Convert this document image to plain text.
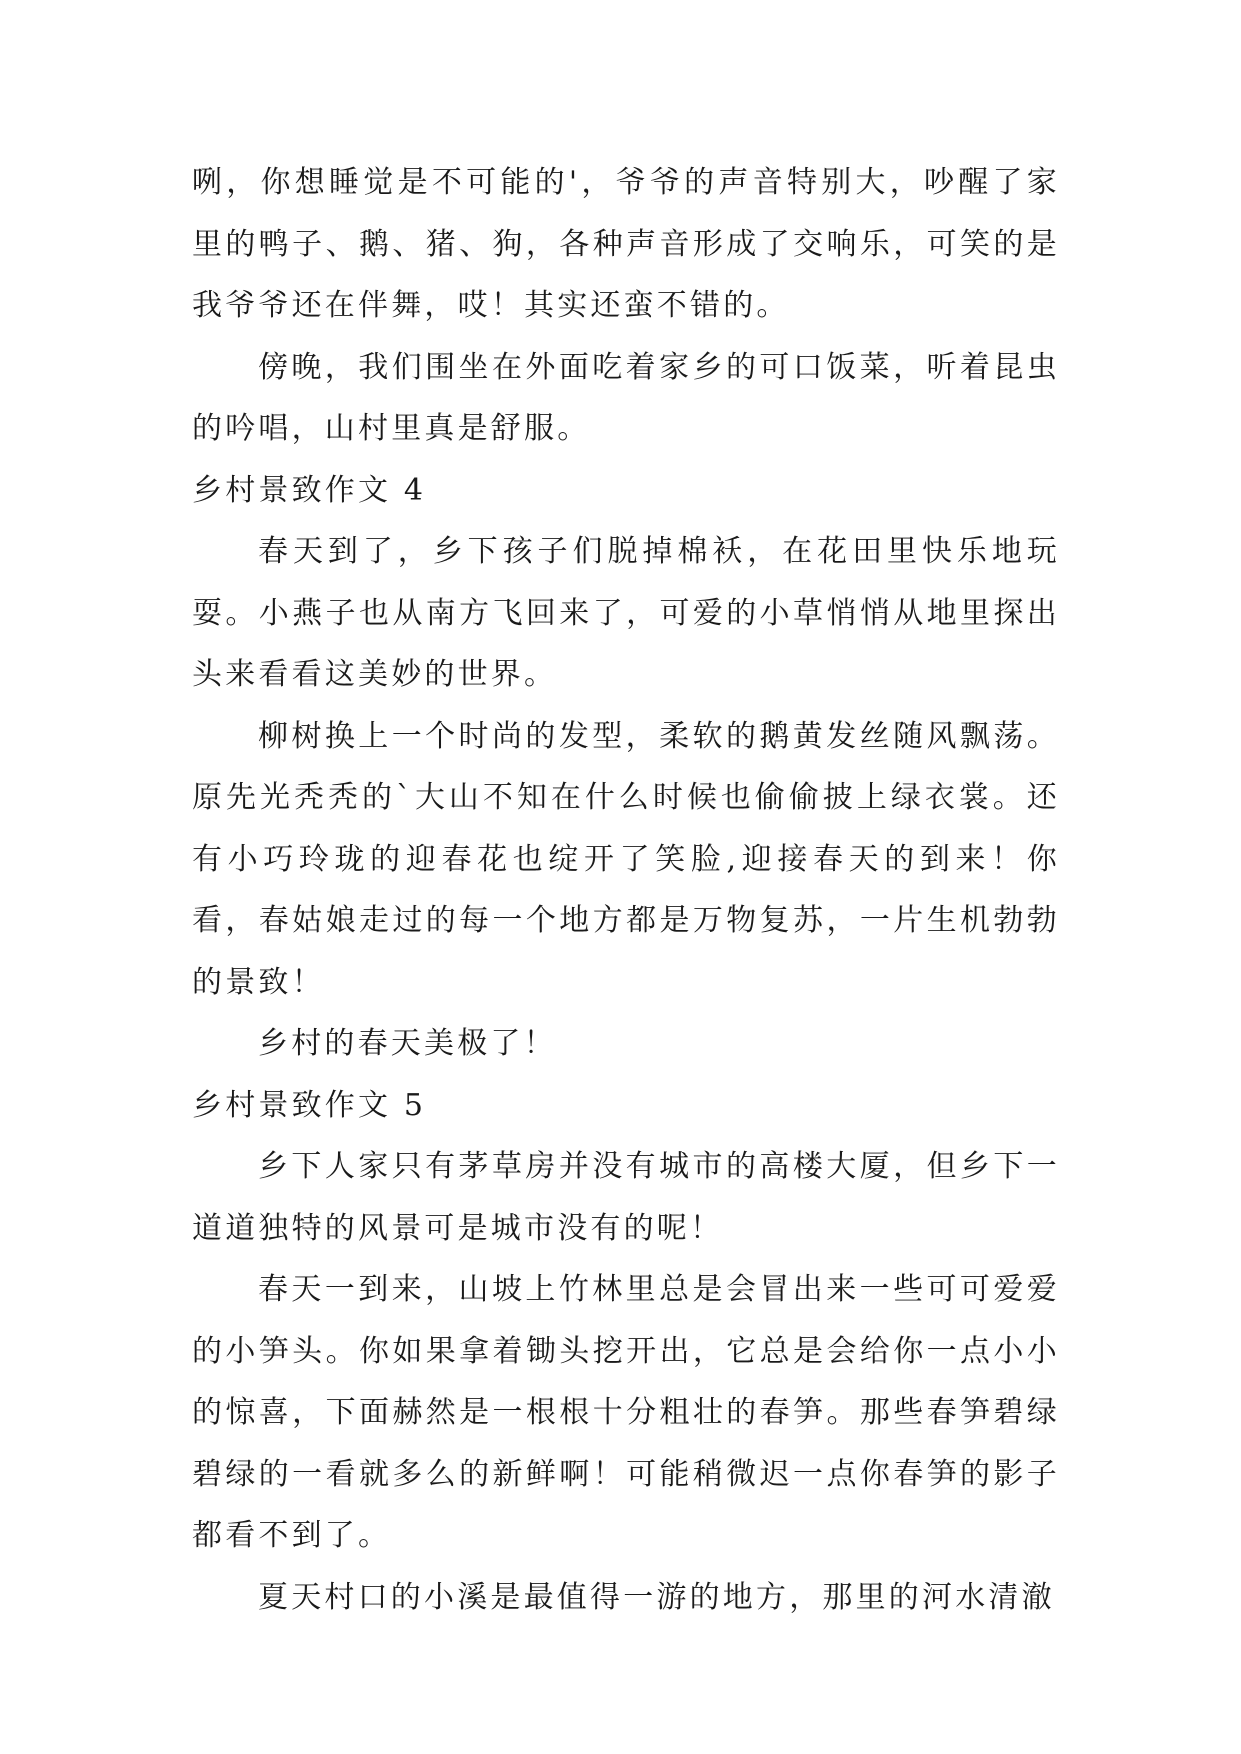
咧，你想睡觉是不可能的'，爷爷的声音特别大，吵醒了家里的鸭子、鹅、猪、狗，各种声音形成了交响乐，可笑的是我爷爷还在伴舞，哎！其实还蛮不错的。

傍晚，我们围坐在外面吃着家乡的可口饭菜，听着昆虫的吟唱，山村里真是舒服。

乡村景致作文 4

春天到了，乡下孩子们脱掉棉袄，在花田里快乐地玩耍。小燕子也从南方飞回来了，可爱的小草悄悄从地里探出头来看看这美妙的世界。

柳树换上一个时尚的发型，柔软的鹅黄发丝随风飘荡。原先光秃秃的`大山不知在什么时候也偷偷披上绿衣裳。还有小巧玲珑的迎春花也绽开了笑脸,迎接春天的到来！你看，春姑娘走过的每一个地方都是万物复苏，一片生机勃勃的景致！

乡村的春天美极了！

乡村景致作文 5

乡下人家只有茅草房并没有城市的高楼大厦，但乡下一道道独特的风景可是城市没有的呢！

春天一到来，山坡上竹林里总是会冒出来一些可可爱爱的小笋头。你如果拿着锄头挖开出，它总是会给你一点小小的惊喜，下面赫然是一根根十分粗壮的春笋。那些春笋碧绿碧绿的一看就多么的新鲜啊！可能稍微迟一点你春笋的影子都看不到了。

夏天村口的小溪是最值得一游的地方，那里的河水清澈
